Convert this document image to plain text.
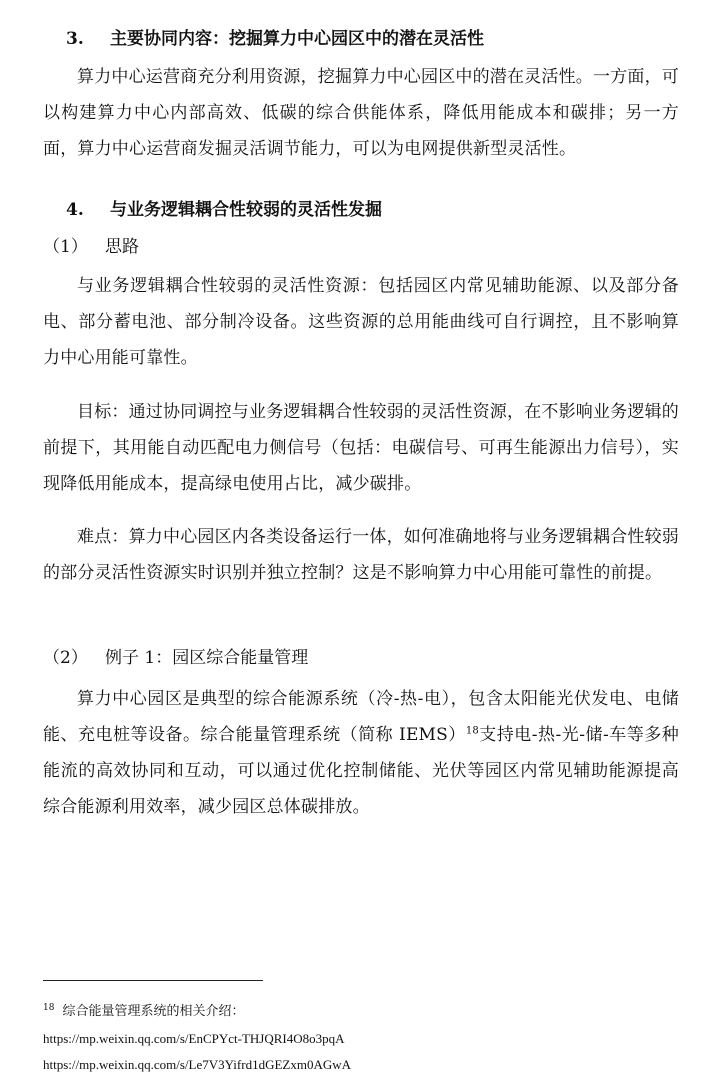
3. 主要协同内容：挖掘算力中心园区中的潜在灵活性
算力中心运营商充分利用资源，挖掘算力中心园区中的潜在灵活性。一方面，可以构建算力中心内部高效、低碳的综合供能体系，降低用能成本和碳排；另一方面，算力中心运营商发掘灵活调节能力，可以为电网提供新型灵活性。
4. 与业务逻辑耦合性较弱的灵活性发掘
（1） 思路
与业务逻辑耦合性较弱的灵活性资源：包括园区内常见辅助能源、以及部分备电、部分蓄电池、部分制冷设备。这些资源的总用能曲线可自行调控，且不影响算力中心用能可靠性。
目标：通过协同调控与业务逻辑耦合性较弱的灵活性资源，在不影响业务逻辑的前提下，其用能自动匹配电力侧信号（包括：电碳信号、可再生能源出力信号），实现降低用能成本，提高绿电使用占比，减少碳排。
难点：算力中心园区内各类设备运行一体，如何准确地将与业务逻辑耦合性较弱的部分灵活性资源实时识别并独立控制？这是不影响算力中心用能可靠性的前提。
（2） 例子 1：园区综合能量管理
算力中心园区是典型的综合能源系统（冷-热-电），包含太阳能光伏发电、电储能、充电桩等设备。综合能量管理系统（简称 IEMS）$^{18}$支持电-热-光-储-车等多种能流的高效协同和互动，可以通过优化控制储能、光伏等园区内常见辅助能源提高综合能源利用效率，减少园区总体碳排放。
$^{18}$ 综合能量管理系统的相关介绍：
https://mp.weixin.qq.com/s/EnCPYct-THJQRI4O8o3pqA
https://mp.weixin.qq.com/s/Le7V3Yifrd1dGEZxm0AGwA
